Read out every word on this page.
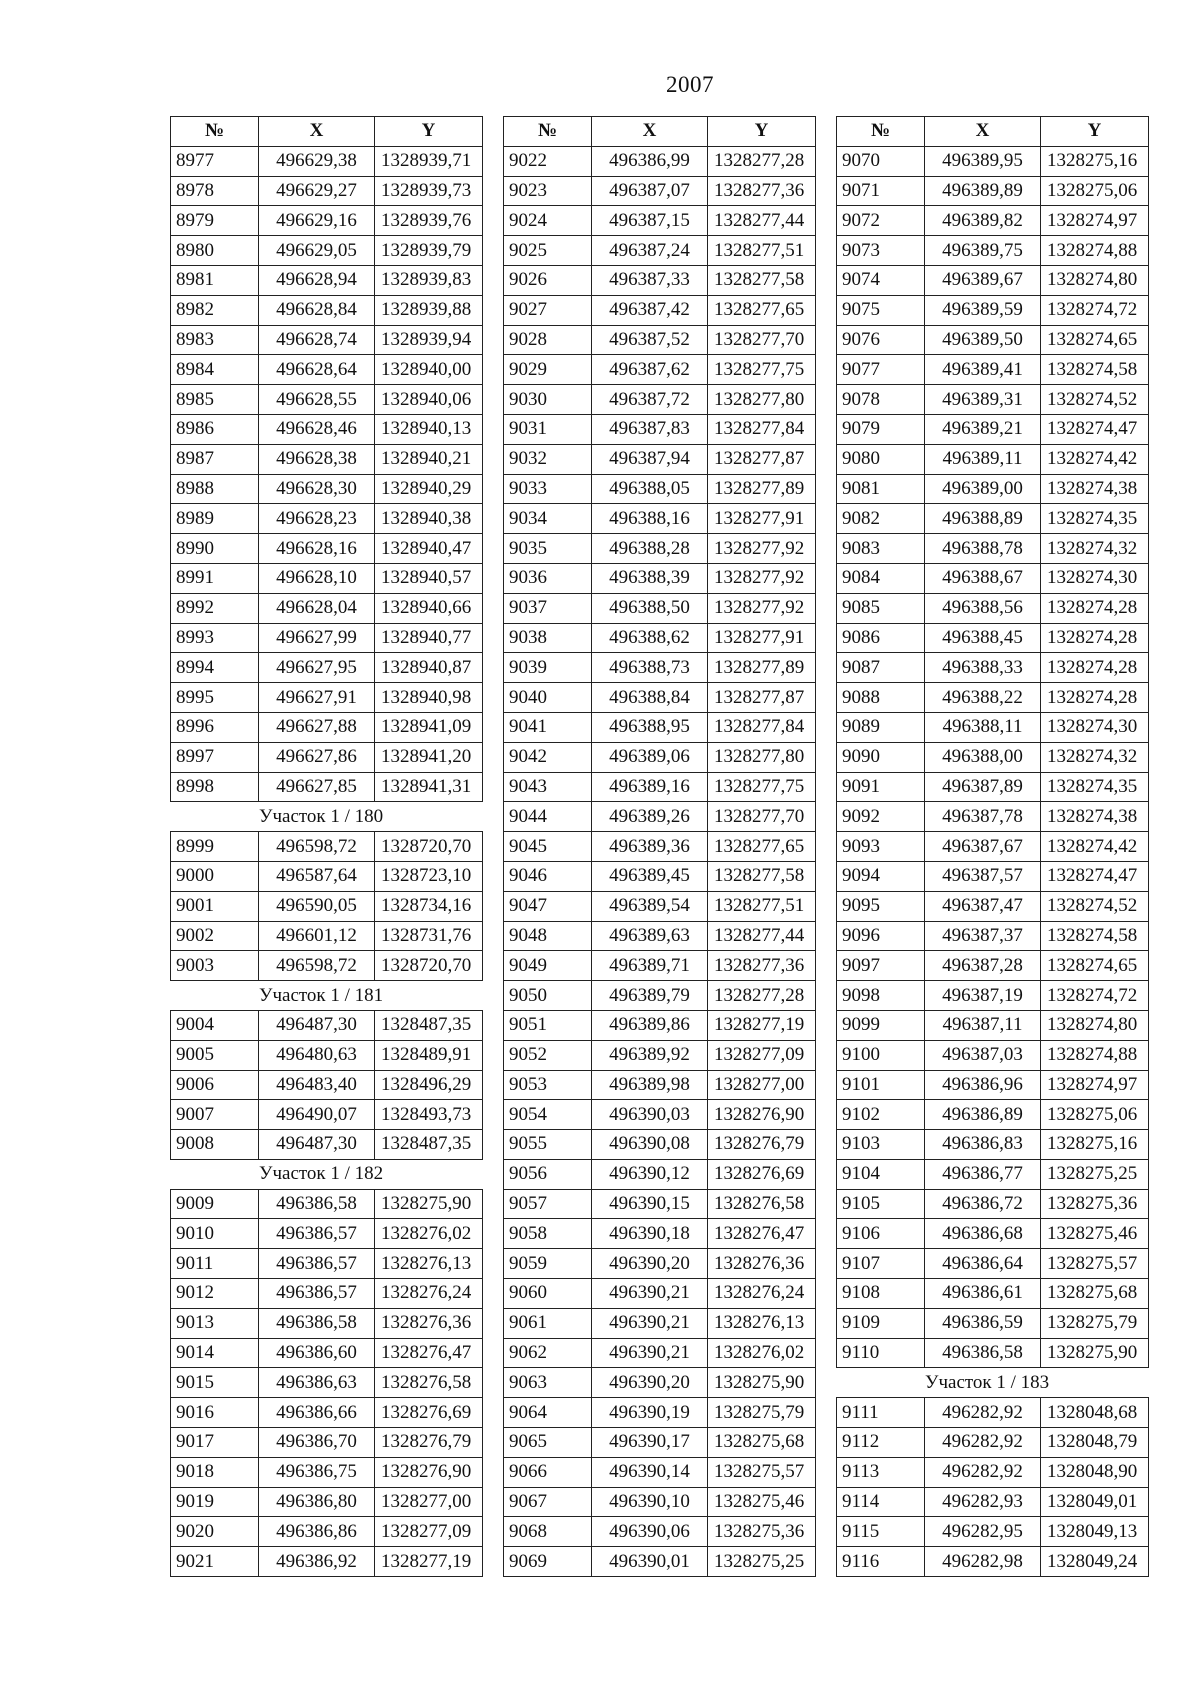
2007
№	X	Y
8977	496629,38	1328939,71
8978	496629,27	1328939,73
8979	496629,16	1328939,76
8980	496629,05	1328939,79
8981	496628,94	1328939,83
8982	496628,84	1328939,88
8983	496628,74	1328939,94
8984	496628,64	1328940,00
8985	496628,55	1328940,06
8986	496628,46	1328940,13
8987	496628,38	1328940,21
8988	496628,30	1328940,29
8989	496628,23	1328940,38
8990	496628,16	1328940,47
8991	496628,10	1328940,57
8992	496628,04	1328940,66
8993	496627,99	1328940,77
8994	496627,95	1328940,87
8995	496627,91	1328940,98
8996	496627,88	1328941,09
8997	496627,86	1328941,20
8998	496627,85	1328941,31
Участок 1 / 180		
8999	496598,72	1328720,70
9000	496587,64	1328723,10
9001	496590,05	1328734,16
9002	496601,12	1328731,76
9003	496598,72	1328720,70
Участок 1 / 181		
9004	496487,30	1328487,35
9005	496480,63	1328489,91
9006	496483,40	1328496,29
9007	496490,07	1328493,73
9008	496487,30	1328487,35
Участок 1 / 182		
9009	496386,58	1328275,90
9010	496386,57	1328276,02
9011	496386,57	1328276,13
9012	496386,57	1328276,24
9013	496386,58	1328276,36
9014	496386,60	1328276,47
9015	496386,63	1328276,58
9016	496386,66	1328276,69
9017	496386,70	1328276,79
9018	496386,75	1328276,90
9019	496386,80	1328277,00
9020	496386,86	1328277,09
9021	496386,92	1328277,19
№	X	Y
9022	496386,99	1328277,28
9023	496387,07	1328277,36
9024	496387,15	1328277,44
9025	496387,24	1328277,51
9026	496387,33	1328277,58
9027	496387,42	1328277,65
9028	496387,52	1328277,70
9029	496387,62	1328277,75
9030	496387,72	1328277,80
9031	496387,83	1328277,84
9032	496387,94	1328277,87
9033	496388,05	1328277,89
9034	496388,16	1328277,91
9035	496388,28	1328277,92
9036	496388,39	1328277,92
9037	496388,50	1328277,92
9038	496388,62	1328277,91
9039	496388,73	1328277,89
9040	496388,84	1328277,87
9041	496388,95	1328277,84
9042	496389,06	1328277,80
9043	496389,16	1328277,75
9044	496389,26	1328277,70
9045	496389,36	1328277,65
9046	496389,45	1328277,58
9047	496389,54	1328277,51
9048	496389,63	1328277,44
9049	496389,71	1328277,36
9050	496389,79	1328277,28
9051	496389,86	1328277,19
9052	496389,92	1328277,09
9053	496389,98	1328277,00
9054	496390,03	1328276,90
9055	496390,08	1328276,79
9056	496390,12	1328276,69
9057	496390,15	1328276,58
9058	496390,18	1328276,47
9059	496390,20	1328276,36
9060	496390,21	1328276,24
9061	496390,21	1328276,13
9062	496390,21	1328276,02
9063	496390,20	1328275,90
9064	496390,19	1328275,79
9065	496390,17	1328275,68
9066	496390,14	1328275,57
9067	496390,10	1328275,46
9068	496390,06	1328275,36
9069	496390,01	1328275,25
№	X	Y
9070	496389,95	1328275,16
9071	496389,89	1328275,06
9072	496389,82	1328274,97
9073	496389,75	1328274,88
9074	496389,67	1328274,80
9075	496389,59	1328274,72
9076	496389,50	1328274,65
9077	496389,41	1328274,58
9078	496389,31	1328274,52
9079	496389,21	1328274,47
9080	496389,11	1328274,42
9081	496389,00	1328274,38
9082	496388,89	1328274,35
9083	496388,78	1328274,32
9084	496388,67	1328274,30
9085	496388,56	1328274,28
9086	496388,45	1328274,28
9087	496388,33	1328274,28
9088	496388,22	1328274,28
9089	496388,11	1328274,30
9090	496388,00	1328274,32
9091	496387,89	1328274,35
9092	496387,78	1328274,38
9093	496387,67	1328274,42
9094	496387,57	1328274,47
9095	496387,47	1328274,52
9096	496387,37	1328274,58
9097	496387,28	1328274,65
9098	496387,19	1328274,72
9099	496387,11	1328274,80
9100	496387,03	1328274,88
9101	496386,96	1328274,97
9102	496386,89	1328275,06
9103	496386,83	1328275,16
9104	496386,77	1328275,25
9105	496386,72	1328275,36
9106	496386,68	1328275,46
9107	496386,64	1328275,57
9108	496386,61	1328275,68
9109	496386,59	1328275,79
9110	496386,58	1328275,90
Участок 1 / 183		
9111	496282,92	1328048,68
9112	496282,92	1328048,79
9113	496282,92	1328048,90
9114	496282,93	1328049,01
9115	496282,95	1328049,13
9116	496282,98	1328049,24
